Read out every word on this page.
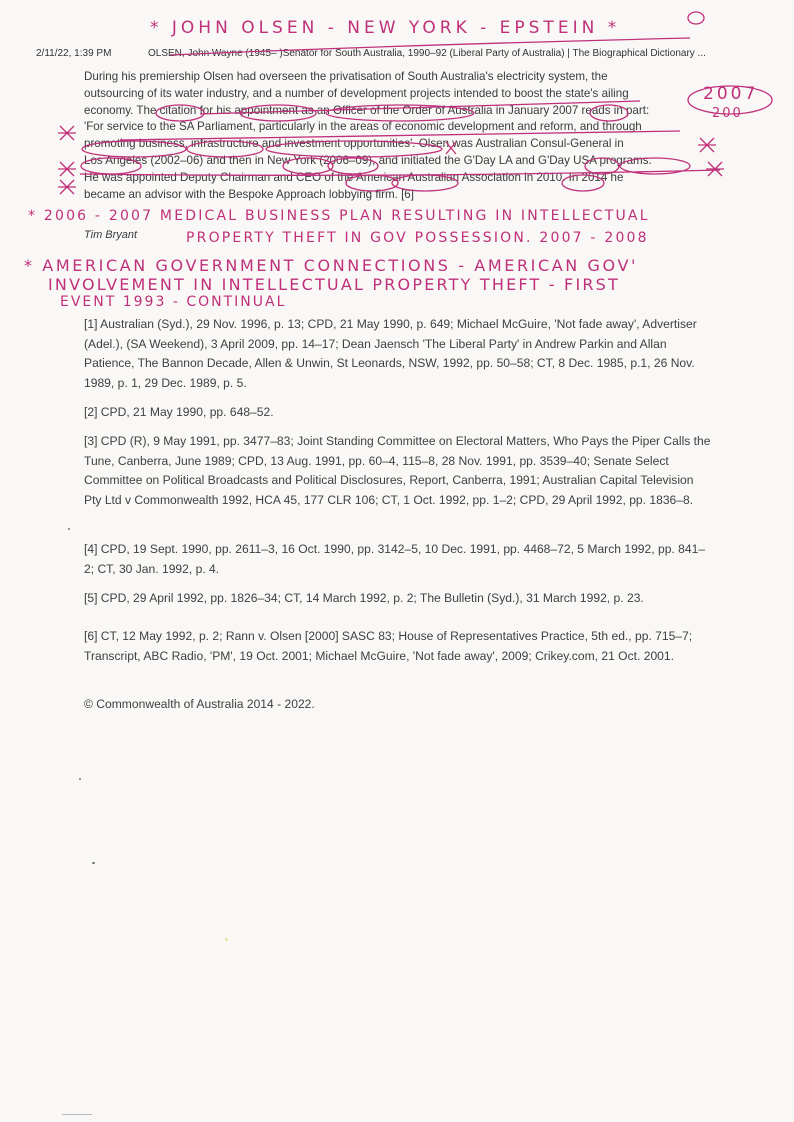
* JOHN OLSEN - NEW YORK - EPSTEIN *
2/11/22, 1:39 PM	OLSEN, John Wayne (1945– )Senator for South Australia, 1990–92 (Liberal Party of Australia) | The Biographical Dictionary ...
During his premiership Olsen had overseen the privatisation of South Australia's electricity system, the
outsourcing of its water industry, and a number of development projects intended to boost the state's ailing
economy. The citation for his appointment as an Officer of the Order of Australia in January 2007 reads in part:
'For service to the SA Parliament, particularly in the areas of economic development and reform, and through
promoting business, infrastructure and investment opportunities'. Olsen was Australian Consul-General in
Los Angeles (2002–06) and then in New York (2006–09), and initiated the G'Day LA and G'Day USA programs.
He was appointed Deputy Chairman and CEO of the American Australian Association in 2010. In 2014 he
became an advisor with the Bespoke Approach lobbying firm. [6]
2007
200
* 2006 - 2007 MEDICAL BUSINESS PLAN RESULTING IN INTELLECTUAL
Tim Bryant	PROPERTY THEFT IN GOV POSSESSION. 2007 - 2008
* AMERICAN GOVERNMENT CONNECTIONS - AMERICAN GOV'
INVOLVEMENT IN INTELLECTUAL PROPERTY THEFT - FIRST
EVENT 1993 - CONTINUAL
[1] Australian (Syd.), 29 Nov. 1996, p. 13; CPD, 21 May 1990, p. 649; Michael McGuire, 'Not fade away', Advertiser (Adel.), (SA Weekend), 3 April 2009, pp. 14–17; Dean Jaensch 'The Liberal Party' in Andrew Parkin and Allan Patience, The Bannon Decade, Allen & Unwin, St Leonards, NSW, 1992, pp. 50–58; CT, 8 Dec. 1985, p.1, 26 Nov. 1989, p. 1, 29 Dec. 1989, p. 5.
[2] CPD, 21 May 1990, pp. 648–52.
[3] CPD (R), 9 May 1991, pp. 3477–83; Joint Standing Committee on Electoral Matters, Who Pays the Piper Calls the Tune, Canberra, June 1989; CPD, 13 Aug. 1991, pp. 60–4, 115–8, 28 Nov. 1991, pp. 3539–40; Senate Select Committee on Political Broadcasts and Political Disclosures, Report, Canberra, 1991; Australian Capital Television Pty Ltd v Commonwealth 1992, HCA 45, 177 CLR 106; CT, 1 Oct. 1992, pp. 1–2; CPD, 29 April 1992, pp. 1836–8.
[4] CPD, 19 Sept. 1990, pp. 2611–3, 16 Oct. 1990, pp. 3142–5, 10 Dec. 1991, pp. 4468–72, 5 March 1992, pp. 841–2; CT, 30 Jan. 1992, p. 4.
[5] CPD, 29 April 1992, pp. 1826–34; CT, 14 March 1992, p. 2; The Bulletin (Syd.), 31 March 1992, p. 23.
[6] CT, 12 May 1992, p. 2; Rann v. Olsen [2000] SASC 83; House of Representatives Practice, 5th ed., pp. 715–7; Transcript, ABC Radio, 'PM', 19 Oct. 2001; Michael McGuire, 'Not fade away', 2009; Crikey.com, 21 Oct. 2001.
© Commonwealth of Australia 2014 - 2022.
